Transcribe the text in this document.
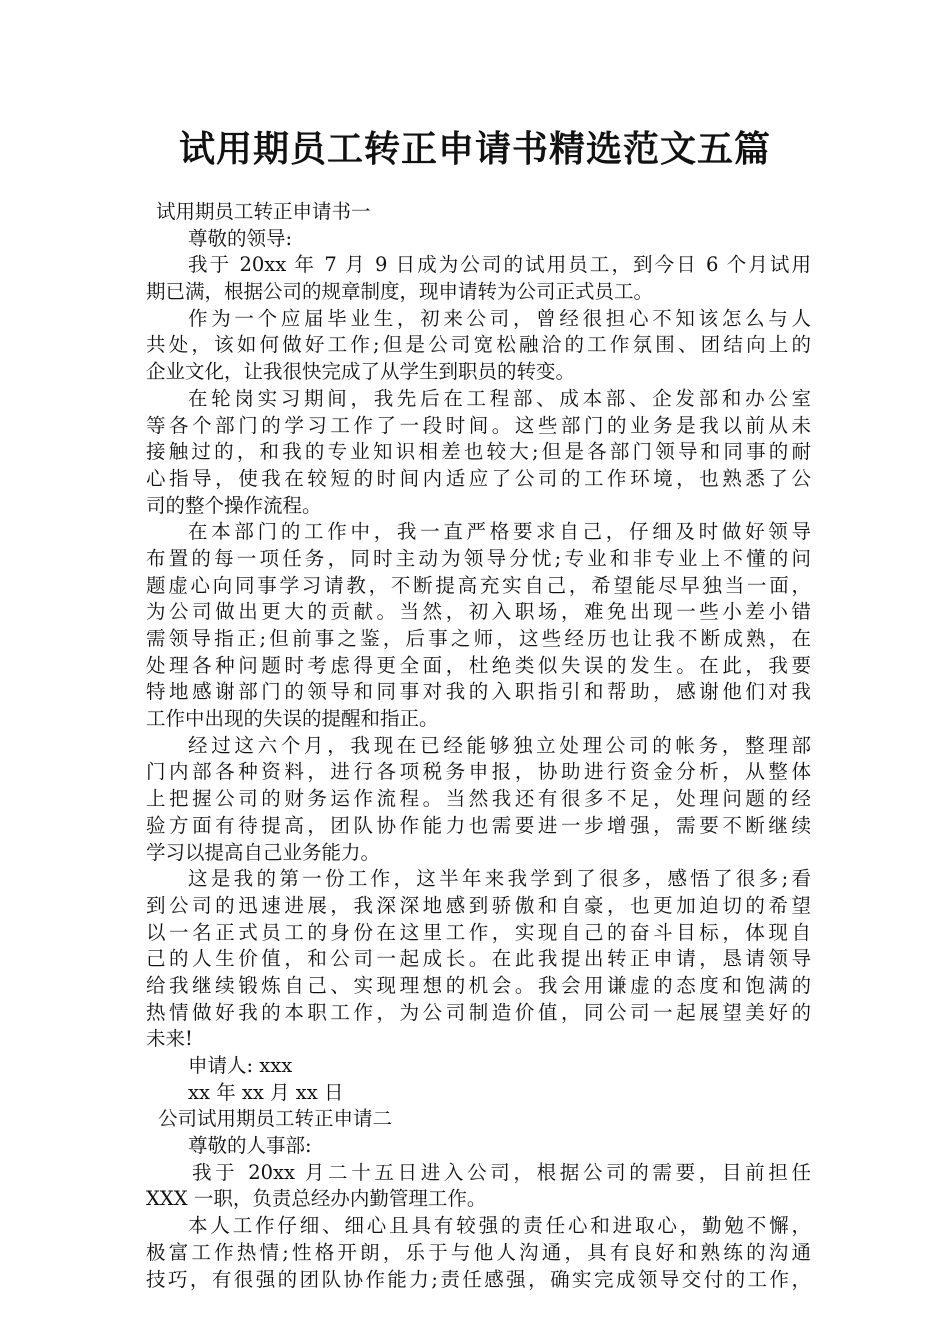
试用期员工转正申请书精选范文五篇
试用期员工转正申请书一
尊敬的领导:
我于 20xx 年 7 月 9 日成为公司的试用员工，到今日 6 个月试用
期已满，根据公司的规章制度，现申请转为公司正式员工。
作为一个应届毕业生，初来公司，曾经很担心不知该怎么与人
共处，该如何做好工作;但是公司宽松融洽的工作氛围、团结向上的
企业文化，让我很快完成了从学生到职员的转变。
在轮岗实习期间，我先后在工程部、成本部、企发部和办公室
等各个部门的学习工作了一段时间。这些部门的业务是我以前从未
接触过的，和我的专业知识相差也较大;但是各部门领导和同事的耐
心指导，使我在较短的时间内适应了公司的工作环境，也熟悉了公
司的整个操作流程。
在本部门的工作中，我一直严格要求自己，仔细及时做好领导
布置的每一项任务，同时主动为领导分忧;专业和非专业上不懂的问
题虚心向同事学习请教，不断提高充实自己，希望能尽早独当一面，
为公司做出更大的贡献。当然，初入职场，难免出现一些小差小错
需领导指正;但前事之鉴，后事之师，这些经历也让我不断成熟，在
处理各种问题时考虑得更全面，杜绝类似失误的发生。在此，我要
特地感谢部门的领导和同事对我的入职指引和帮助，感谢他们对我
工作中出现的失误的提醒和指正。
经过这六个月，我现在已经能够独立处理公司的帐务，整理部
门内部各种资料，进行各项税务申报，协助进行资金分析，从整体
上把握公司的财务运作流程。当然我还有很多不足，处理问题的经
验方面有待提高，团队协作能力也需要进一步增强，需要不断继续
学习以提高自己业务能力。
这是我的第一份工作，这半年来我学到了很多，感悟了很多;看
到公司的迅速进展，我深深地感到骄傲和自豪，也更加迫切的希望
以一名正式员工的身份在这里工作，实现自己的奋斗目标，体现自
己的人生价值，和公司一起成长。在此我提出转正申请，恳请领导
给我继续锻炼自己、实现理想的机会。我会用谦虚的态度和饱满的
热情做好我的本职工作，为公司制造价值，同公司一起展望美好的
未来!
申请人: xxx
xx 年 xx 月 xx 日
公司试用期员工转正申请二
尊敬的人事部:
我于 20xx 月二十五日进入公司，根据公司的需要，目前担任
XXX 一职，负责总经办内勤管理工作。
本人工作仔细、细心且具有较强的责任心和进取心，勤勉不懈，
极富工作热情;性格开朗，乐于与他人沟通，具有良好和熟练的沟通
技巧，有很强的团队协作能力;责任感强，确实完成领导交付的工作，
